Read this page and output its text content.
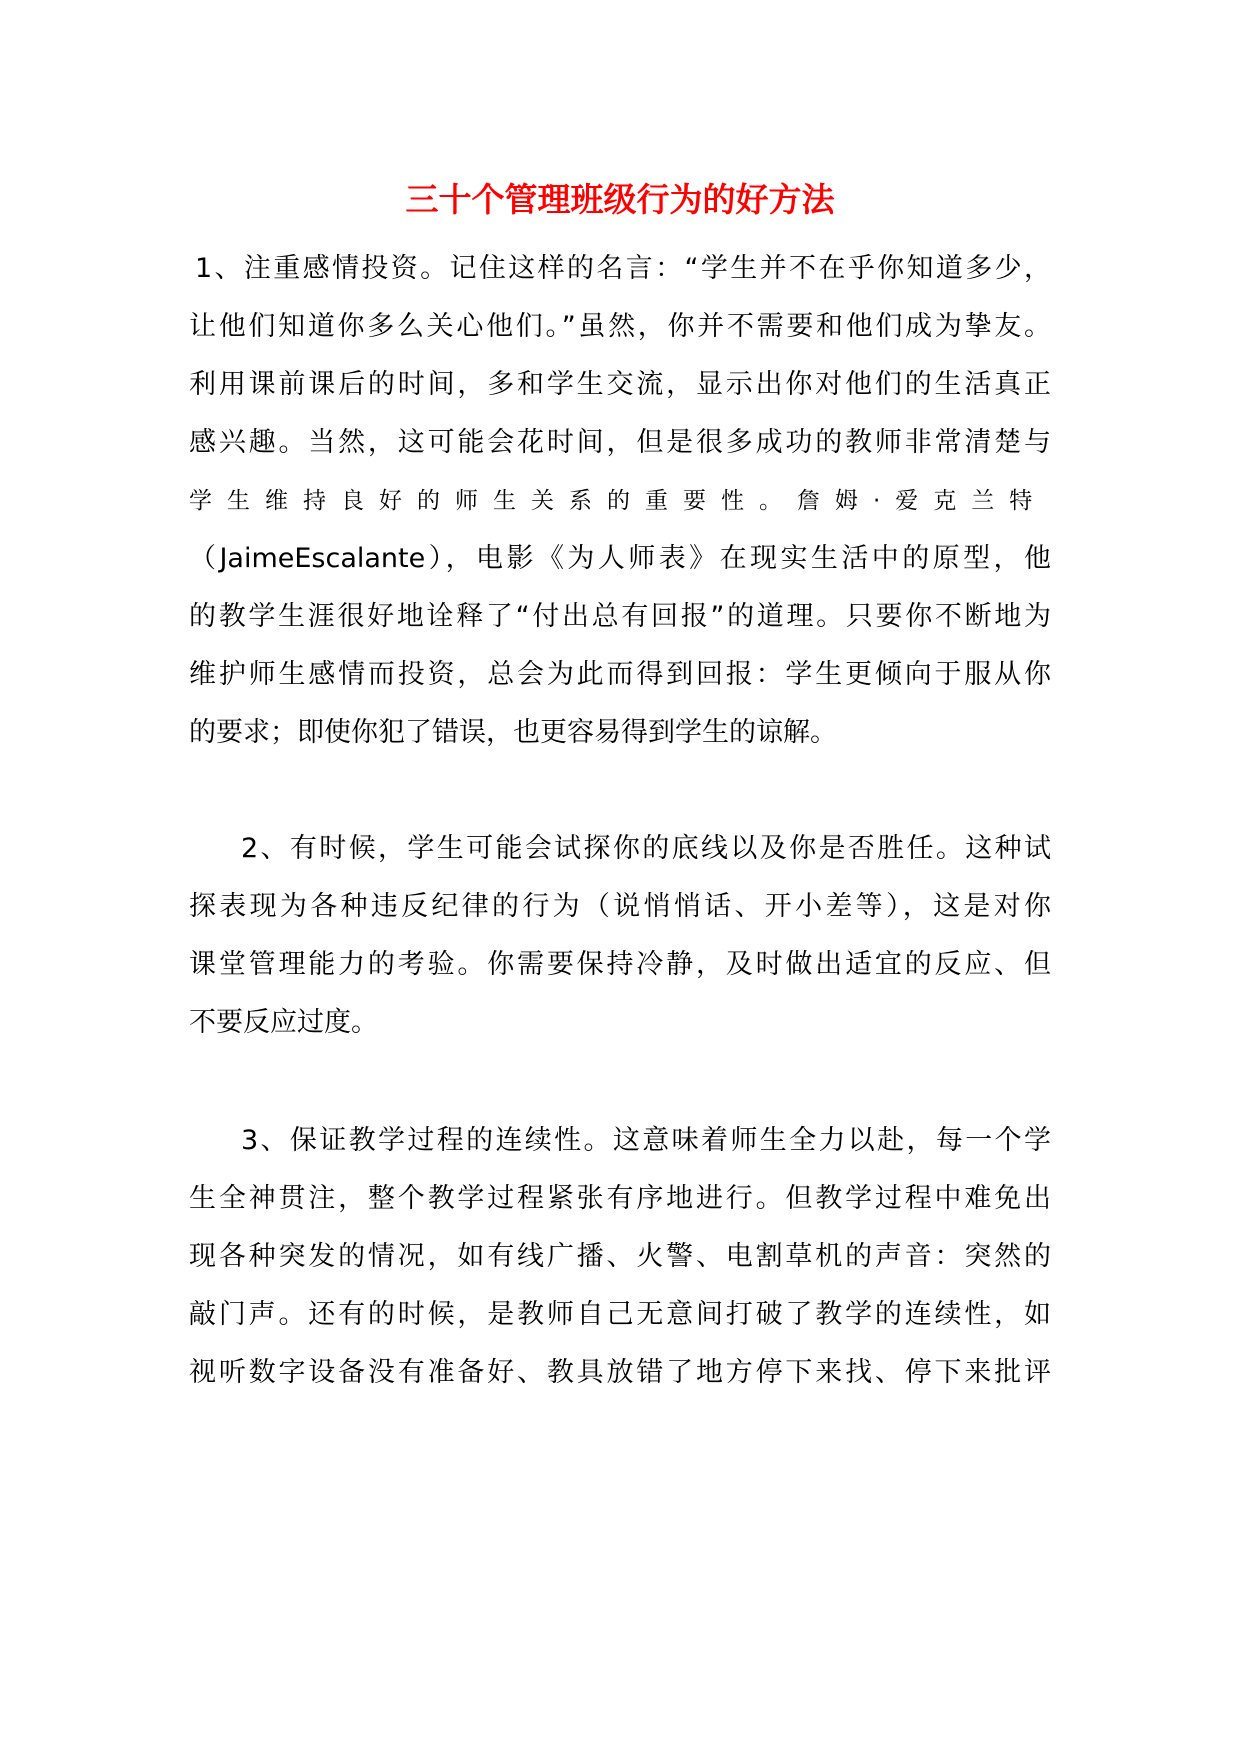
三十个管理班级行为的好方法

1、注重感情投资。记住这样的名言：“学生并不在乎你知道多少，

让他们知道你多么关心他们。”虽然，你并不需要和他们成为挚友。

利用课前课后的时间，多和学生交流，显示出你对他们的生活真正

感兴趣。当然，这可能会花时间，但是很多成功的教师非常清楚与

学生维持良好的师生关系的重要性。詹姆·爱克兰特

（JaimeEscalante），电影《为人师表》在现实生活中的原型，他

的教学生涯很好地诠释了“付出总有回报”的道理。只要你不断地为

维护师生感情而投资，总会为此而得到回报：学生更倾向于服从你

的要求；即使你犯了错误，也更容易得到学生的谅解。

2、有时候，学生可能会试探你的底线以及你是否胜任。这种试

探表现为各种违反纪律的行为（说悄悄话、开小差等），这是对你

课堂管理能力的考验。你需要保持冷静，及时做出适宜的反应、但

不要反应过度。

3、保证教学过程的连续性。这意味着师生全力以赴，每一个学

生全神贯注，整个教学过程紧张有序地进行。但教学过程中难免出

现各种突发的情况，如有线广播、火警、电割草机的声音：突然的

敲门声。还有的时候，是教师自己无意间打破了教学的连续性，如

视听数字设备没有准备好、教具放错了地方停下来找、停下来批评
